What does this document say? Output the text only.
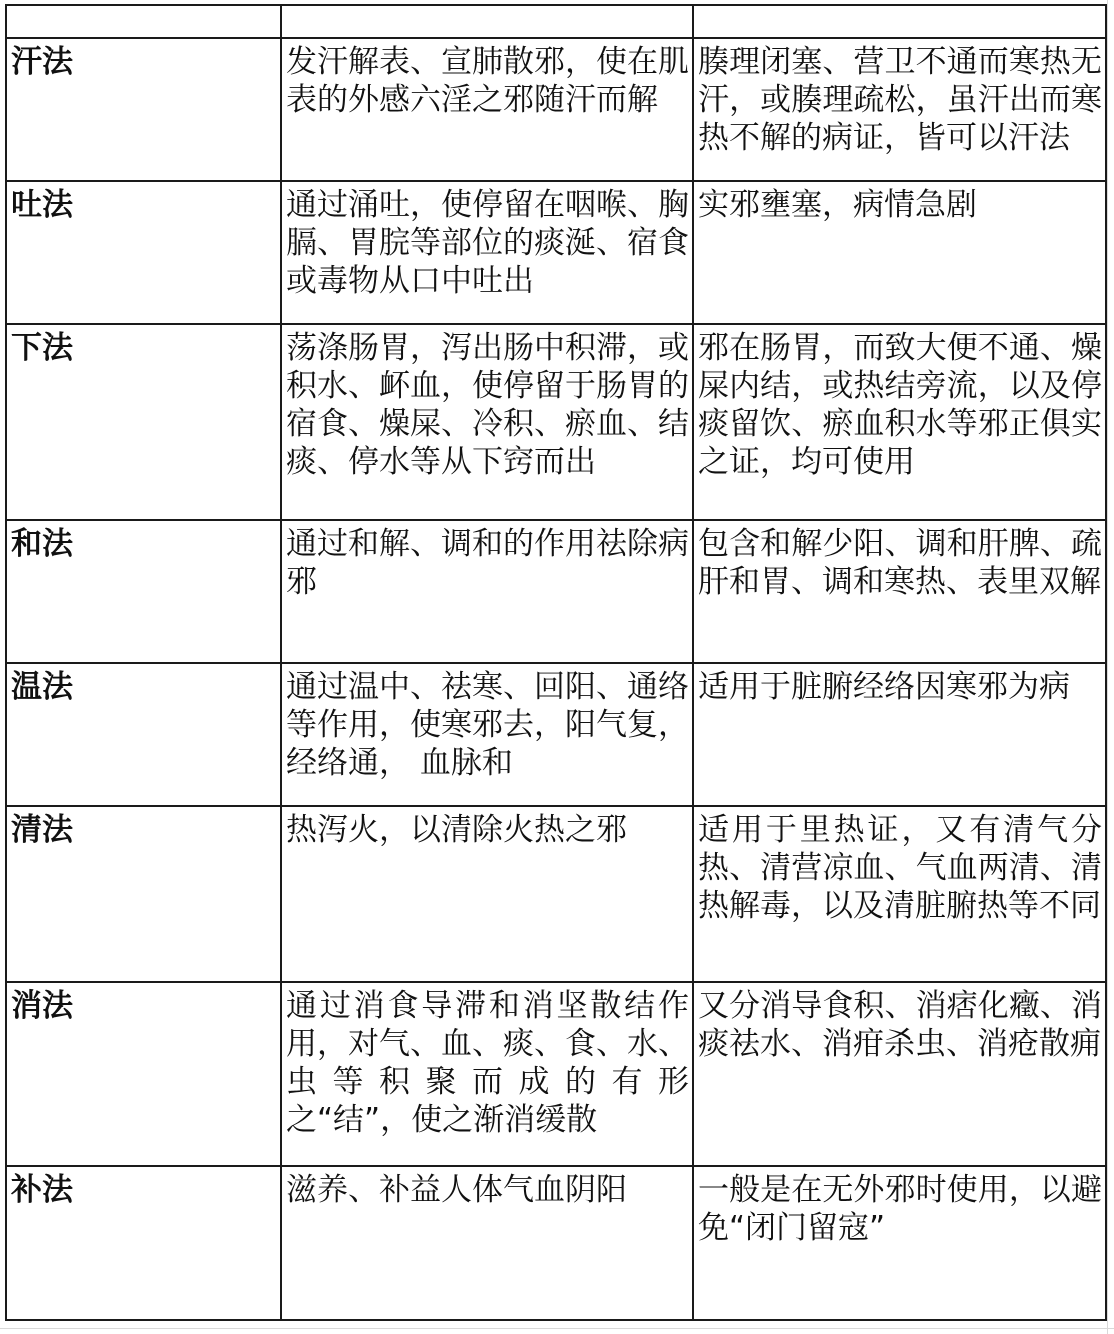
汗法	发汗解表、宣肺散邪，使在肌表的外感六淫之邪随汗而解	腠理闭塞、营卫不通而寒热无汗，或腠理疏松，虽汗出而寒热不解的病证，皆可以汗法
吐法	通过涌吐，使停留在咽喉、胸膈、胃脘等部位的痰涎、宿食或毒物从口中吐出	实邪壅塞，病情急剧
下法	荡涤肠胃，泻出肠中积滞，或积水、衃血，使停留于肠胃的宿食、燥屎、冷积、瘀血、结痰、停水等从下窍而出	邪在肠胃，而致大便不通、燥屎内结，或热结旁流，以及停痰留饮、瘀血积水等邪正俱实之证，均可使用
和法	通过和解、调和的作用祛除病邪	包含和解少阳、调和肝脾、疏肝和胃、调和寒热、表里双解
温法	通过温中、祛寒、回阳、通络等作用，使寒邪去，阳气复，经络通， 血脉和	适用于脏腑经络因寒邪为病
清法	热泻火，以清除火热之邪	适用于里热证，又有清气分热、清营凉血、气血两清、清热解毒，以及清脏腑热等不同
消法	通过消食导滞和消坚散结作用，对气、血、痰、食、水、虫等积聚而成的有形之“结”，使之渐消缓散	又分消导食积、消痞化癥、消痰祛水、消疳杀虫、消疮散痈
补法	滋养、补益人体气血阴阳	一般是在无外邪时使用，以避免“闭门留寇”
